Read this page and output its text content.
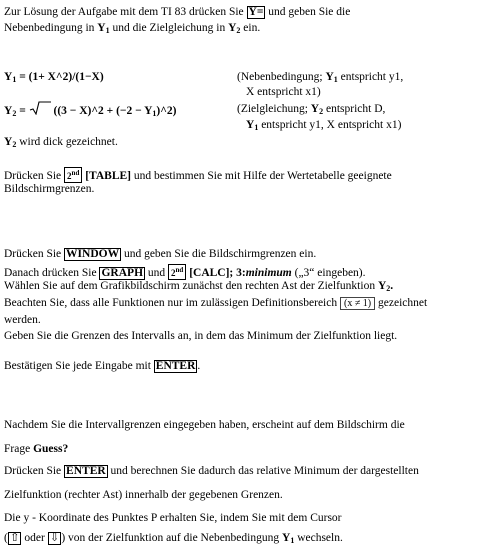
Zur Lösung der Aufgabe mit dem TI 83 drücken Sie Y= und geben Sie die
Nebenbedingung in $Y_1$ und die Zielgleichung in $Y_2$ ein.
$Y_1 = (1+$ X^2)/(1−X)	(Nebenbedingung; $Y_1$ entspricht y1,
X entspricht x1)
$Y_2$ =
((3 − X)^2 + $(-2 - Y_1)\^{}2$)	(Zielgleichung; $Y_2$ entspricht D,
$Y_1$ entspricht y1, X entspricht x1)
$Y_2$ wird dick gezeichnet.
Drücken Sie 2nd [TABLE] und bestimmen Sie mit Hilfe der Wertetabelle geeignete
Bildschirmgrenzen.
Drücken Sie WINDOW und geben Sie die Bildschirmgrenzen ein.
Danach drücken Sie GRAPH und 2nd [CALC]; 3:minimum („3“ eingeben).
Wählen Sie auf dem Grafikbildschirm zunächst den rechten Ast der Zielfunktion $Y_2$.
Beachten Sie, dass alle Funktionen nur im zulässigen Definitionsbereich (x ≠ 1) gezeichnet
werden.
Geben Sie die Grenzen des Intervalls an, in dem das Minimum der Zielfunktion liegt.
Bestätigen Sie jede Eingabe mit ENTER .
Nachdem Sie die Intervallgrenzen eingegeben haben, erscheint auf dem Bildschirm die
Frage Guess?
Drücken Sie ENTER und berechnen Sie dadurch das relative Minimum der dargestellten
Zielfunktion (rechter Ast) innerhalb der gegebenen Grenzen.
Die y - Koordinate des Punktes P erhalten Sie, indem Sie mit dem Cursor
( ⇧ oder ⇩ ) von der Zielfunktion auf die Nebenbedingung $Y_1$ wechseln.
